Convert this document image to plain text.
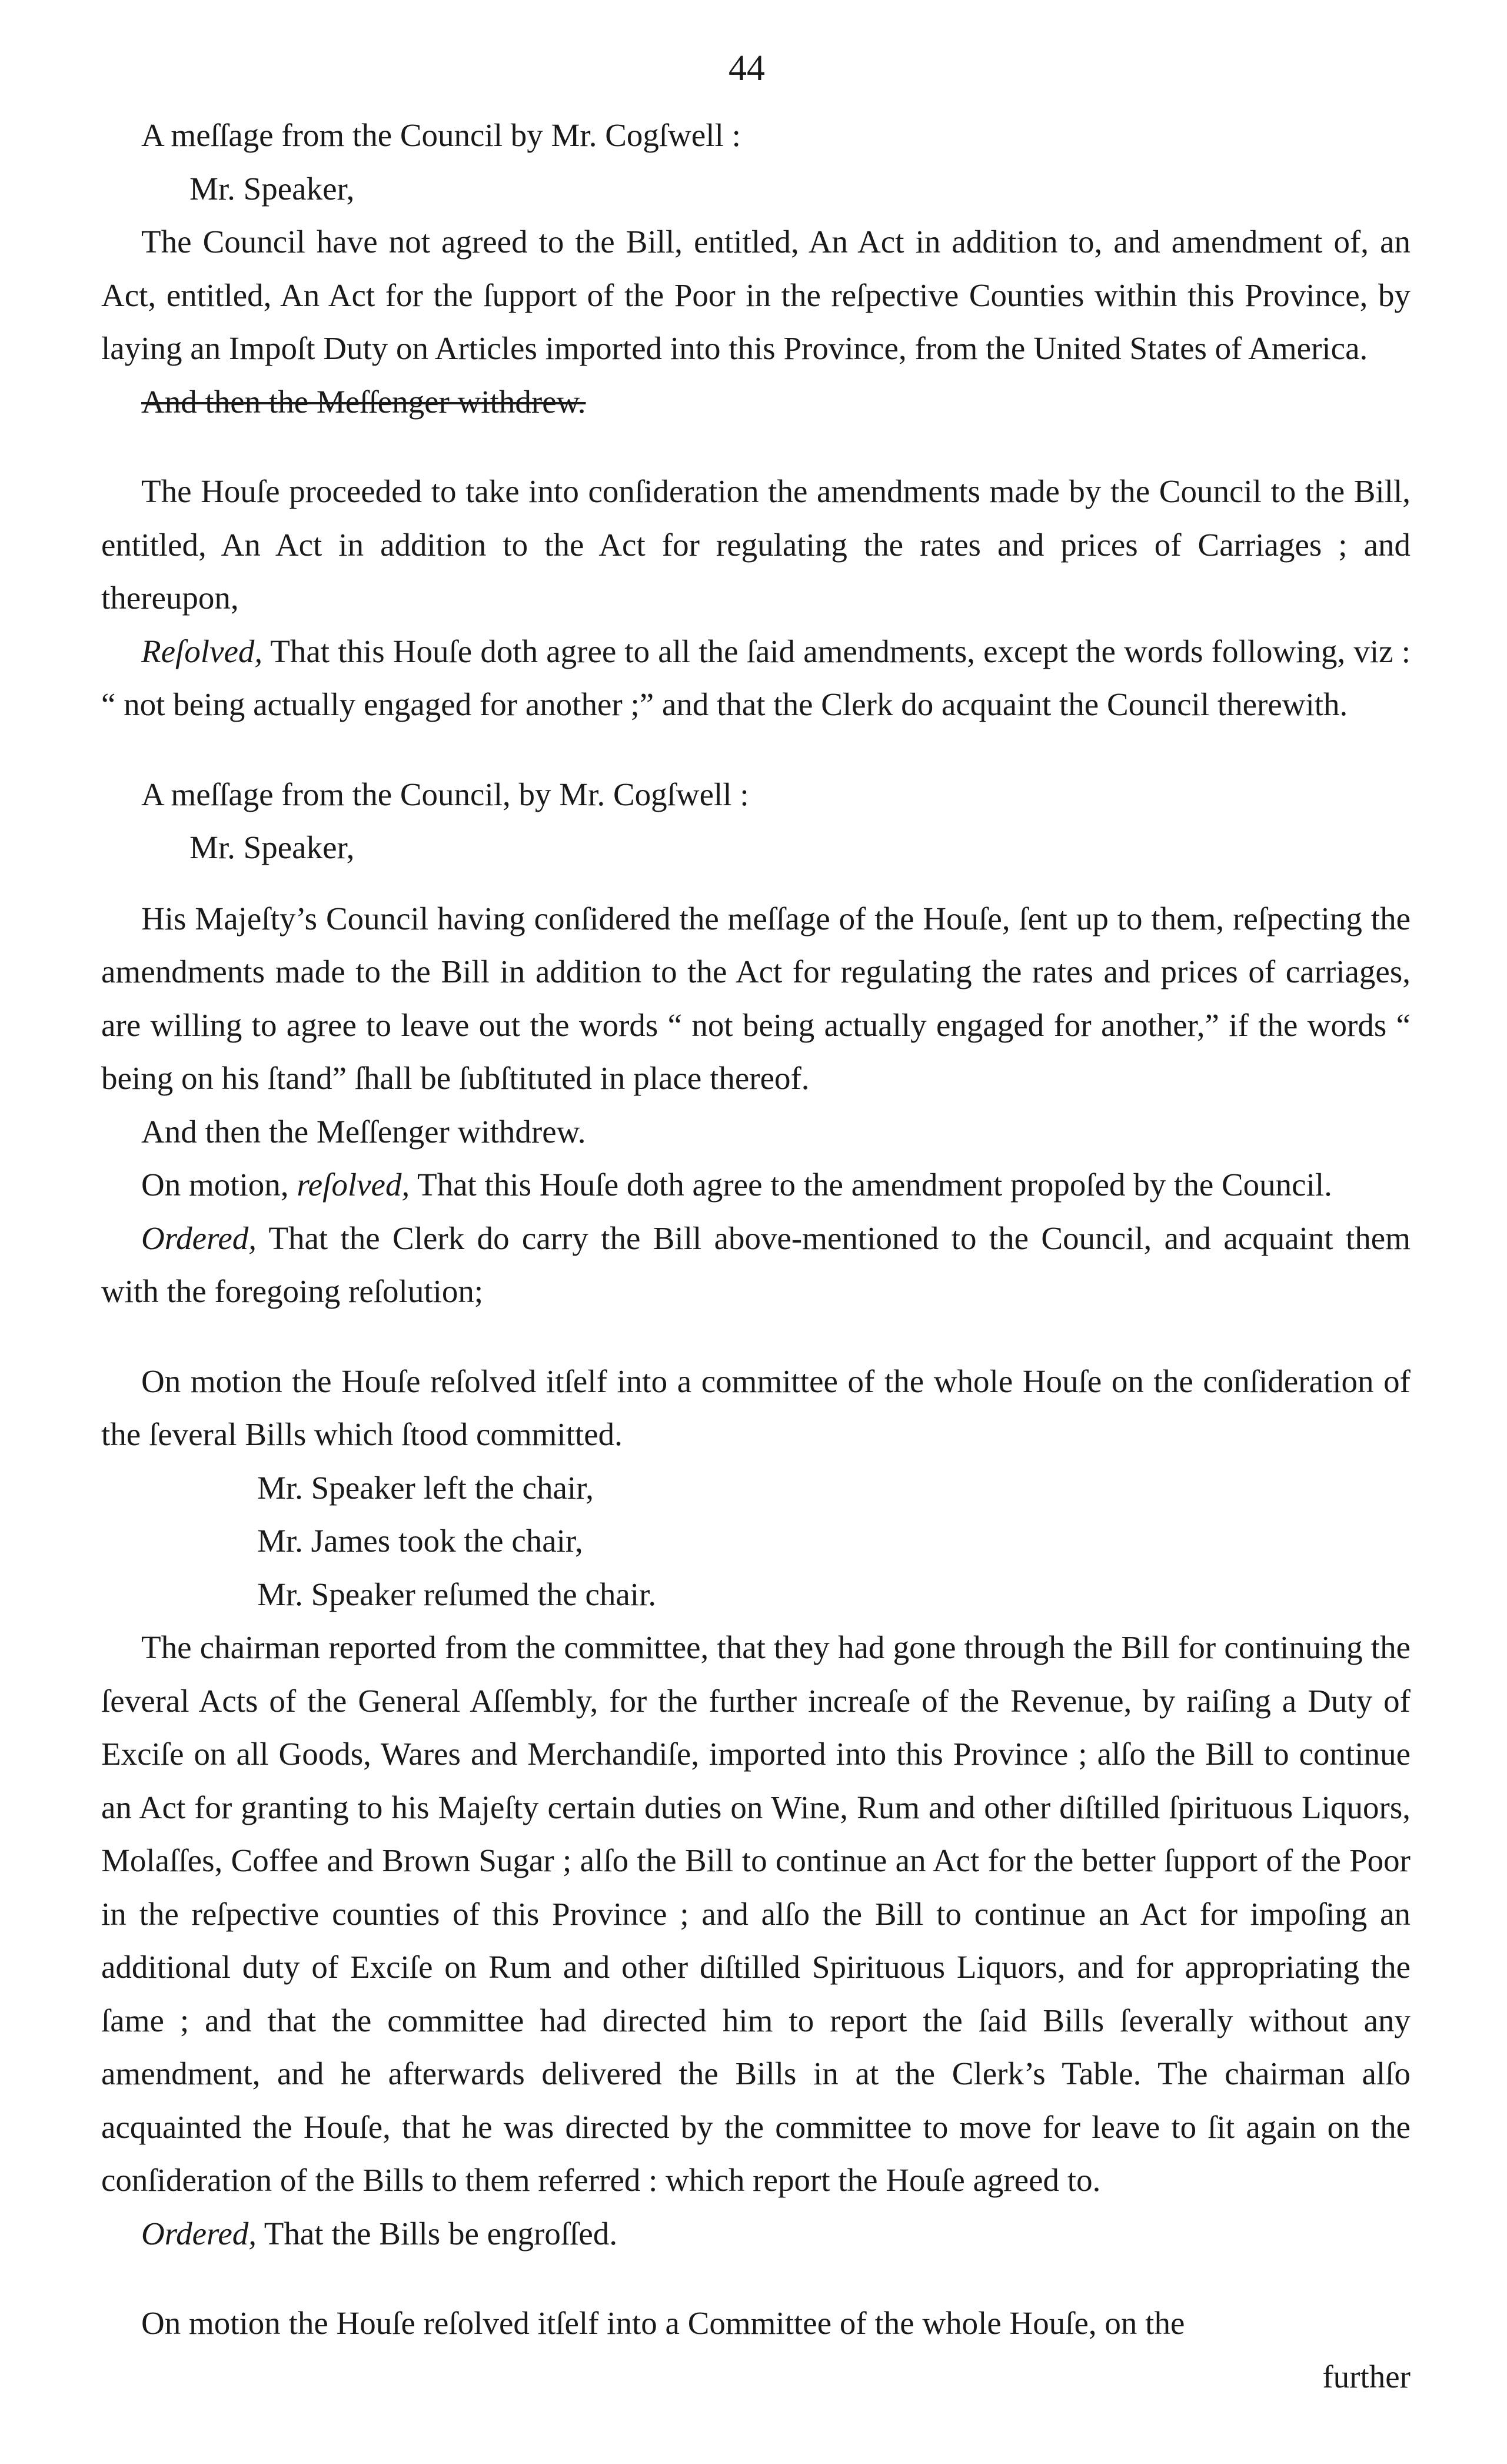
44

A meſſage from the Council by Mr. Cogſwell :

Mr. Speaker,

The Council have not agreed to the Bill, entitled, An Act in addition to, and amendment of, an Act, entitled, An Act for the ſupport of the Poor in the reſpective Counties within this Province, by laying an Impoſt Duty on Articles imported into this Province, from the United States of America.

And then the Meſſenger withdrew.

The Houſe proceeded to take into conſideration the amendments made by the Council to the Bill, entitled, An Act in addition to the Act for regulating the rates and prices of Carriages ; and thereupon,

Reſolved, That this Houſe doth agree to all the ſaid amendments, except the words following, viz : “ not being actually engaged for another ;” and that the Clerk do acquaint the Council therewith.

A meſſage from the Council, by Mr. Cogſwell :

Mr. Speaker,

His Majeſty’s Council having conſidered the meſſage of the Houſe, ſent up to them, reſpecting the amendments made to the Bill in addition to the Act for regulating the rates and prices of carriages, are willing to agree to leave out the words “ not being actually engaged for another,” if the words “ being on his ſtand” ſhall be ſubſtituted in place thereof.

And then the Meſſenger withdrew.

On motion, reſolved, That this Houſe doth agree to the amendment propoſed by the Council.

Ordered, That the Clerk do carry the Bill above-mentioned to the Council, and acquaint them with the foregoing reſolution;

On motion the Houſe reſolved itſelf into a committee of the whole Houſe on the conſideration of the ſeveral Bills which ſtood committed.

Mr. Speaker left the chair,

Mr. James took the chair,

Mr. Speaker reſumed the chair.

The chairman reported from the committee, that they had gone through the Bill for continuing the ſeveral Acts of the General Aſſembly, for the further increaſe of the Revenue, by raiſing a Duty of Exciſe on all Goods, Wares and Merchandiſe, imported into this Province ; alſo the Bill to continue an Act for granting to his Majeſty certain duties on Wine, Rum and other diſtilled ſpirituous Liquors, Molaſſes, Coffee and Brown Sugar ; alſo the Bill to continue an Act for the better ſupport of the Poor in the reſpective counties of this Province ; and alſo the Bill to continue an Act for impoſing an additional duty of Exciſe on Rum and other diſtilled Spirituous Liquors, and for appropriating the ſame ; and that the committee had directed him to report the ſaid Bills ſeverally without any amendment, and he afterwards delivered the Bills in at the Clerk’s Table. The chairman alſo acquainted the Houſe, that he was directed by the committee to move for leave to ſit again on the conſideration of the Bills to them referred : which report the Houſe agreed to.

Ordered, That the Bills be engroſſed.

On motion the Houſe reſolved itſelf into a Committee of the whole Houſe, on the

further
